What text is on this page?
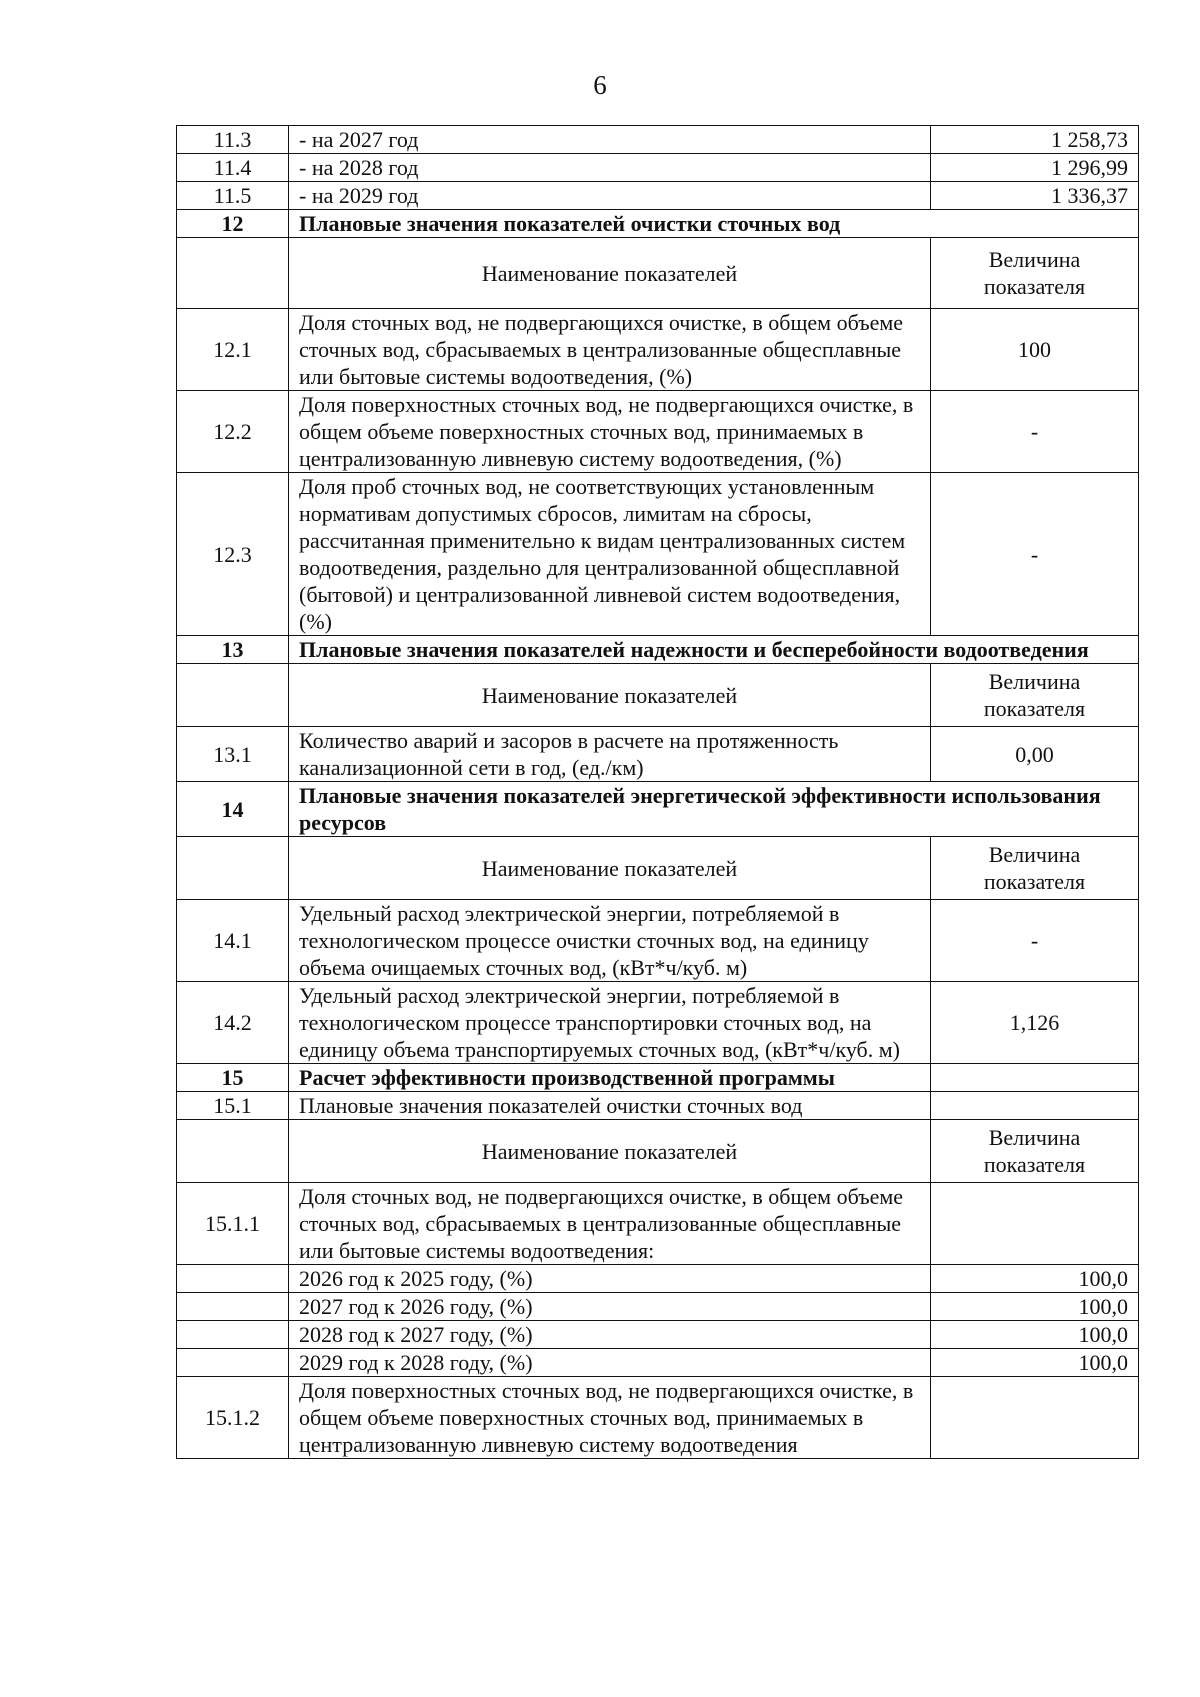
6
11.3	- на 2027 год	1 258,73
11.4	- на 2028 год	1 296,99
11.5	- на 2029 год	1 336,37
12	Плановые значения показателей очистки сточных вод	
	Наименование показателей	Величина показателя
12.1	Доля сточных вод, не подвергающихся очистке, в общем объеме сточных вод, сбрасываемых в централизованные общесплавные или бытовые системы водоотведения, (%)	100
12.2	Доля поверхностных сточных вод, не подвергающихся очистке, в общем объеме поверхностных сточных вод, принимаемых в централизованную ливневую систему водоотведения, (%)	-
12.3	Доля проб сточных вод, не соответствующих установленным нормативам допустимых сбросов, лимитам на сбросы, рассчитанная применительно к видам централизованных систем водоотведения, раздельно для централизованной общесплавной (бытовой) и централизованной ливневой систем водоотведения, (%)	-
13	Плановые значения показателей надежности и бесперебойности водоотведения	
	Наименование показателей	Величина показателя
13.1	Количество аварий и засоров в расчете на протяженность канализационной сети в год, (ед./км)	0,00
14	Плановые значения показателей энергетической эффективности использования ресурсов	
	Наименование показателей	Величина показателя
14.1	Удельный расход электрической энергии, потребляемой в технологическом процессе очистки сточных вод, на единицу объема очищаемых сточных вод, (кВт*ч/куб. м)	-
14.2	Удельный расход электрической энергии, потребляемой в технологическом процессе транспортировки сточных вод, на единицу объема транспортируемых сточных вод, (кВт*ч/куб. м)	1,126
15	Расчет эффективности производственной программы	
15.1	Плановые значения показателей очистки сточных вод	
	Наименование показателей	Величина показателя
15.1.1	Доля сточных вод, не подвергающихся очистке, в общем объеме сточных вод, сбрасываемых в централизованные общесплавные или бытовые системы водоотведения:	
	2026 год к 2025 году, (%)	100,0
	2027 год к 2026 году, (%)	100,0
	2028 год к 2027 году, (%)	100,0
	2029 год к 2028 году, (%)	100,0
15.1.2	Доля поверхностных сточных вод, не подвергающихся очистке, в общем объеме поверхностных сточных вод, принимаемых в централизованную ливневую систему водоотведения	
